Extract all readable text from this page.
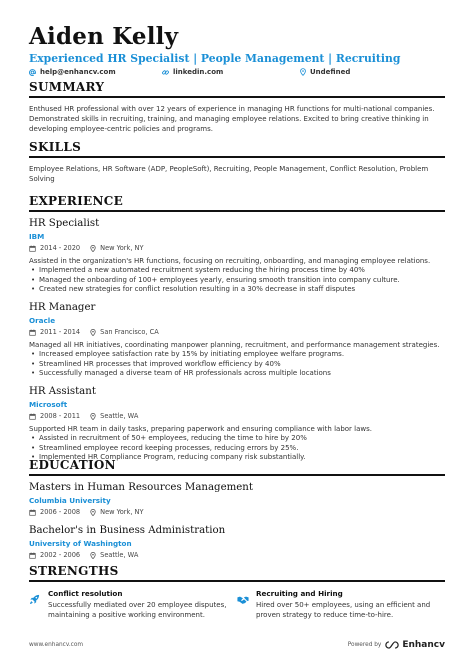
Aiden Kelly
Experienced HR Specialist | People Management | Recruiting
help@enhancv.com	linkedin.com	Undefined
SUMMARY
Enthused HR professional with over 12 years of experience in managing HR functions for multi-national companies. Demonstrated skills in recruiting, training, and managing employee relations. Excited to bring creative thinking in developing employee-centric policies and programs.
SKILLS
Employee Relations, HR Software (ADP, PeopleSoft), Recruiting, People Management, Conflict Resolution, Problem Solving
EXPERIENCE
HR Specialist
IBM
2014 - 2020	New York, NY
Assisted in the organization's HR functions, focusing on recruiting, onboarding, and managing employee relations.
• Implemented a new automated recruitment system reducing the hiring process time by 40%
• Managed the onboarding of 100+ employees yearly, ensuring smooth transition into company culture.
• Created new strategies for conflict resolution resulting in a 30% decrease in staff disputes
HR Manager
Oracle
2011 - 2014	San Francisco, CA
Managed all HR initiatives, coordinating manpower planning, recruitment, and performance management strategies.
• Increased employee satisfaction rate by 15% by initiating employee welfare programs.
• Streamlined HR processes that improved workflow efficiency by 40%
• Successfully managed a diverse team of HR professionals across multiple locations
HR Assistant
Microsoft
2008 - 2011	Seattle, WA
Supported HR team in daily tasks, preparing paperwork and ensuring compliance with labor laws.
• Assisted in recruitment of 50+ employees, reducing the time to hire by 20%
• Streamlined employee record keeping processes, reducing errors by 25%.
• Implemented HR Compliance Program, reducing company risk substantially.
EDUCATION
Masters in Human Resources Management
Columbia University
2006 - 2008	New York, NY
Bachelor's in Business Administration
University of Washington
2002 - 2006	Seattle, WA
STRENGTHS
Conflict resolution
Successfully mediated over 20 employee disputes, maintaining a positive working environment.
Recruiting and Hiring
Hired over 50+ employees, using an efficient and proven strategy to reduce time-to-hire.
www.enhancv.com	Powered by Enhancv
